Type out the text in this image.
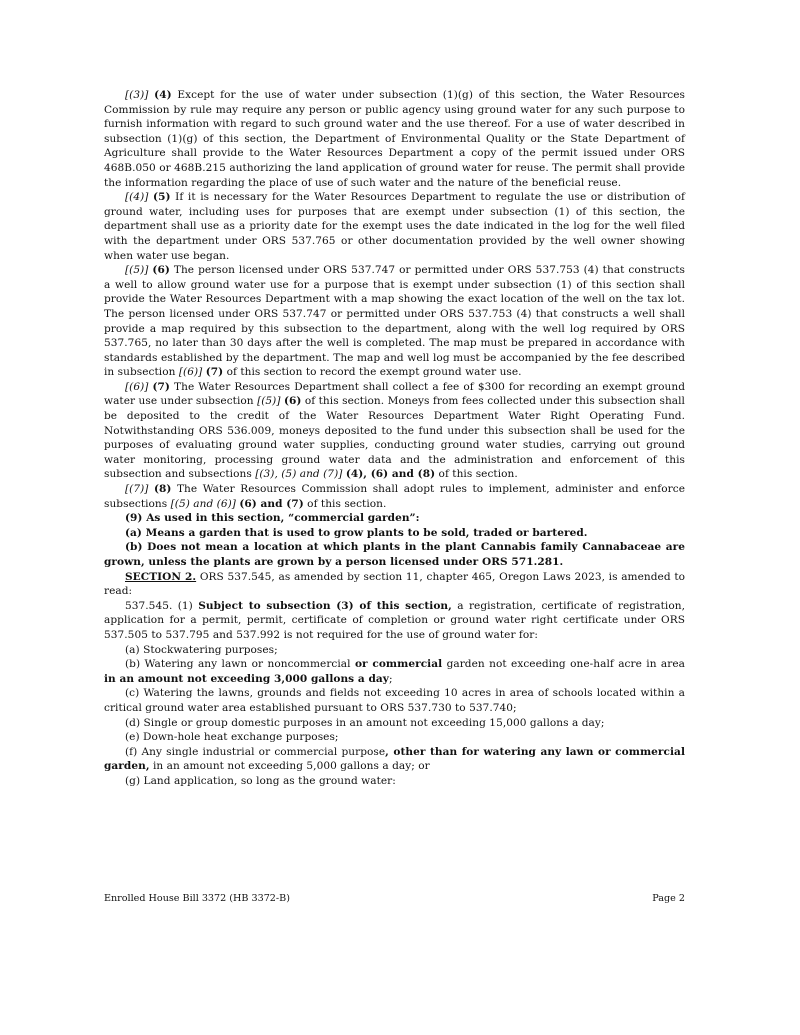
[(3)] (4) Except for the use of water under subsection (1)(g) of this section, the Water Resources Commission by rule may require any person or public agency using ground water for any such purpose to furnish information with regard to such ground water and the use thereof. For a use of water described in subsection (1)(g) of this section, the Department of Environmental Quality or the State Department of Agriculture shall provide to the Water Resources Department a copy of the permit issued under ORS 468B.050 or 468B.215 authorizing the land application of ground water for reuse. The permit shall provide the information regarding the place of use of such water and the nature of the beneficial reuse.

[(4)] (5) If it is necessary for the Water Resources Department to regulate the use or distribution of ground water, including uses for purposes that are exempt under subsection (1) of this section, the department shall use as a priority date for the exempt uses the date indicated in the log for the well filed with the department under ORS 537.765 or other documentation provided by the well owner showing when water use began.

[(5)] (6) The person licensed under ORS 537.747 or permitted under ORS 537.753 (4) that constructs a well to allow ground water use for a purpose that is exempt under subsection (1) of this section shall provide the Water Resources Department with a map showing the exact location of the well on the tax lot. The person licensed under ORS 537.747 or permitted under ORS 537.753 (4) that constructs a well shall provide a map required by this subsection to the department, along with the well log required by ORS 537.765, no later than 30 days after the well is completed. The map must be prepared in accordance with standards established by the department. The map and well log must be accompanied by the fee described in subsection [(6)] (7) of this section to record the exempt ground water use.

[(6)] (7) The Water Resources Department shall collect a fee of $300 for recording an exempt ground water use under subsection [(5)] (6) of this section. Moneys from fees collected under this subsection shall be deposited to the credit of the Water Resources Department Water Right Operating Fund. Notwithstanding ORS 536.009, moneys deposited to the fund under this subsection shall be used for the purposes of evaluating ground water supplies, conducting ground water studies, carrying out ground water monitoring, processing ground water data and the administration and enforcement of this subsection and subsections [(3), (5) and (7)] (4), (6) and (8) of this section.

[(7)] (8) The Water Resources Commission shall adopt rules to implement, administer and enforce subsections [(5) and (6)] (6) and (7) of this section.

(9) As used in this section, “commercial garden”:

(a) Means a garden that is used to grow plants to be sold, traded or bartered.

(b) Does not mean a location at which plants in the plant Cannabis family Cannabaceae are grown, unless the plants are grown by a person licensed under ORS 571.281.

SECTION 2. ORS 537.545, as amended by section 11, chapter 465, Oregon Laws 2023, is amended to read:

537.545. (1) Subject to subsection (3) of this section, a registration, certificate of registration, application for a permit, permit, certificate of completion or ground water right certificate under ORS 537.505 to 537.795 and 537.992 is not required for the use of ground water for:

(a) Stockwatering purposes;

(b) Watering any lawn or noncommercial or commercial garden not exceeding one-half acre in area in an amount not exceeding 3,000 gallons a day;

(c) Watering the lawns, grounds and fields not exceeding 10 acres in area of schools located within a critical ground water area established pursuant to ORS 537.730 to 537.740;

(d) Single or group domestic purposes in an amount not exceeding 15,000 gallons a day;

(e) Down-hole heat exchange purposes;

(f) Any single industrial or commercial purpose, other than for watering any lawn or commercial garden, in an amount not exceeding 5,000 gallons a day; or

(g) Land application, so long as the ground water:

Enrolled House Bill 3372 (HB 3372-B)	Page 2
